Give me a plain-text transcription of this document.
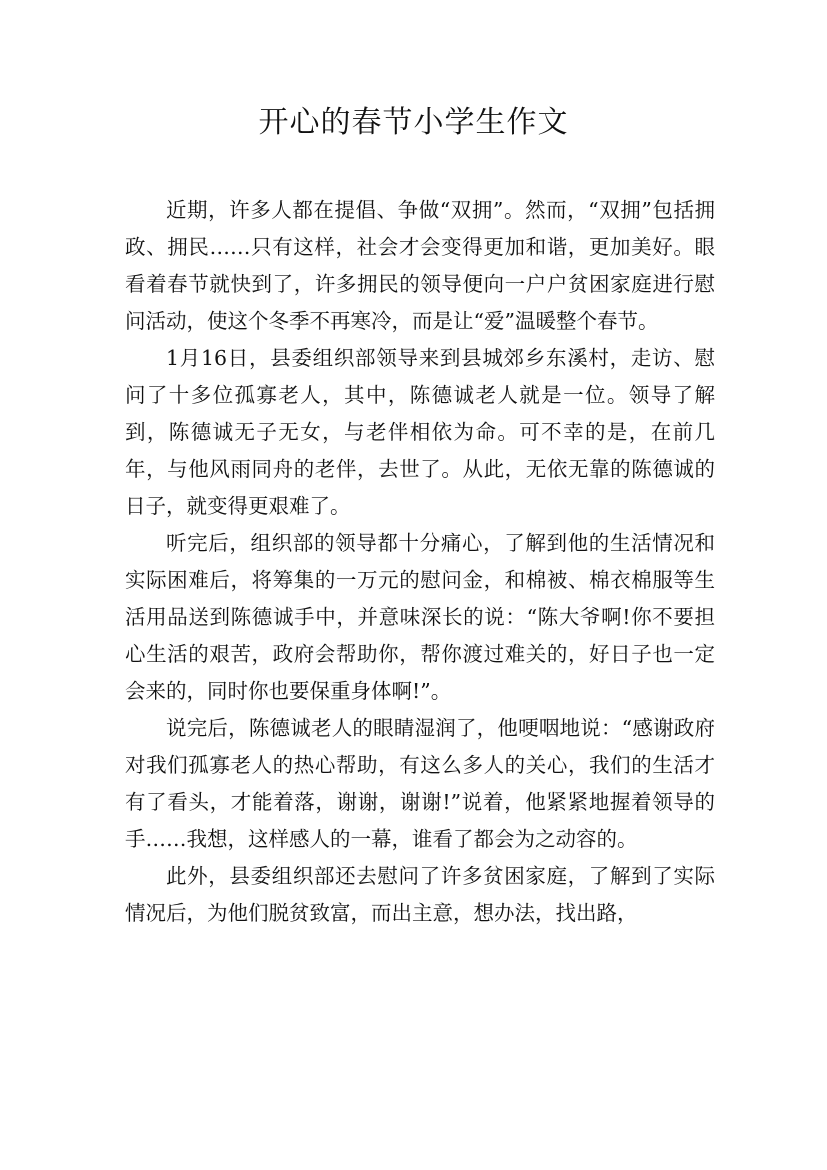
开心的春节小学生作文

近期，许多人都在提倡、争做“双拥”。然而，“双拥”包括拥政、拥民……只有这样，社会才会变得更加和谐，更加美好。眼看着春节就快到了，许多拥民的领导便向一户户贫困家庭进行慰问活动，使这个冬季不再寒冷，而是让“爱”温暖整个春节。

1月16日，县委组织部领导来到县城郊乡东溪村，走访、慰问了十多位孤寡老人，其中，陈德诚老人就是一位。领导了解到，陈德诚无子无女，与老伴相依为命。可不幸的是，在前几年，与他风雨同舟的老伴，去世了。从此，无依无靠的陈德诚的日子，就变得更艰难了。

听完后，组织部的领导都十分痛心，了解到他的生活情况和实际困难后，将筹集的一万元的慰问金，和棉被、棉衣棉服等生活用品送到陈德诚手中，并意味深长的说：“陈大爷啊!你不要担心生活的艰苦，政府会帮助你，帮你渡过难关的，好日子也一定会来的，同时你也要保重身体啊!”。

说完后，陈德诚老人的眼睛湿润了，他哽咽地说：“感谢政府对我们孤寡老人的热心帮助，有这么多人的关心，我们的生活才有了看头，才能着落，谢谢，谢谢!”说着，他紧紧地握着领导的手……我想，这样感人的一幕，谁看了都会为之动容的。

此外，县委组织部还去慰问了许多贫困家庭，了解到了实际情况后，为他们脱贫致富，而出主意，想办法，找出路，
